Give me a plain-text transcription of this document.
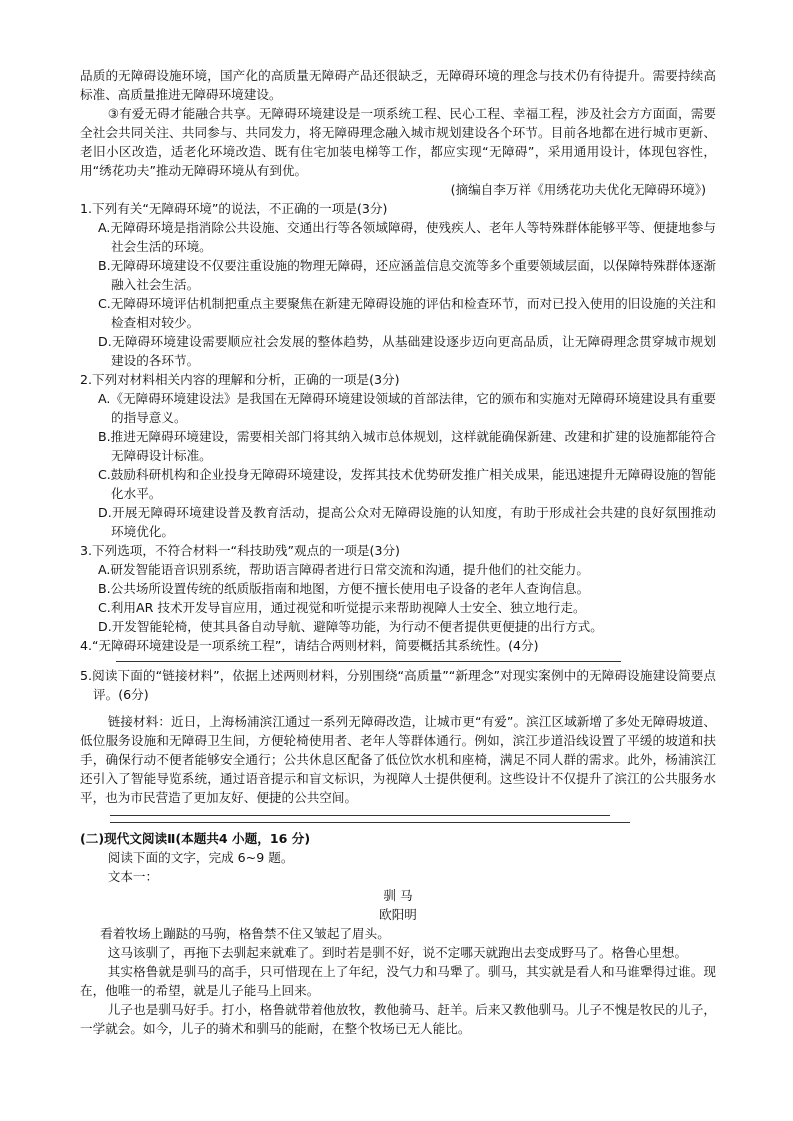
品质的无障碍设施环境，国产化的高质量无障碍产品还很缺乏，无障碍环境的理念与技术仍有待提升。需要持续高标准、高质量推进无障碍环境建设。

③有爱无碍才能融合共享。无障碍环境建设是一项系统工程、民心工程、幸福工程，涉及社会方方面面，需要全社会共同关注、共同参与、共同发力，将无障碍理念融入城市规划建设各个环节。目前各地都在进行城市更新、老旧小区改造，适老化环境改造、既有住宅加装电梯等工作，都应实现“无障碍”，采用通用设计，体现包容性，用“绣花功夫”推动无障碍环境从有到优。

(摘编自李万祥《用绣花功夫优化无障碍环境》)

1.下列有关“无障碍环境”的说法，不正确的一项是(3分)

A.无障碍环境是指消除公共设施、交通出行等各领域障碍，使残疾人、老年人等特殊群体能够平等、便捷地参与社会生活的环境。

B.无障碍环境建设不仅要注重设施的物理无障碍，还应涵盖信息交流等多个重要领域层面，以保障特殊群体逐渐融入社会生活。

C.无障碍环境评估机制把重点主要聚焦在新建无障碍设施的评估和检查环节，而对已投入使用的旧设施的关注和检查相对较少。

D.无障碍环境建设需要顺应社会发展的整体趋势，从基础建设逐步迈向更高品质，让无障碍理念贯穿城市规划建设的各环节。

2.下列对材料相关内容的理解和分析，正确的一项是(3分)

A.《无障碍环境建设法》是我国在无障碍环境建设领域的首部法律，它的颁布和实施对无障碍环境建设具有重要的指导意义。

B.推进无障碍环境建设，需要相关部门将其纳入城市总体规划，这样就能确保新建、改建和扩建的设施都能符合无障碍设计标准。

C.鼓励科研机构和企业投身无障碍环境建设，发挥其技术优势研发推广相关成果，能迅速提升无障碍设施的智能化水平。

D.开展无障碍环境建设普及教育活动，提高公众对无障碍设施的认知度，有助于形成社会共建的良好氛围推动环境优化。

3.下列选项，不符合材料一“科技助残”观点的一项是(3分)

A.研发智能语音识别系统，帮助语言障碍者进行日常交流和沟通，提升他们的社交能力。

B.公共场所设置传统的纸质版指南和地图，方便不擅长使用电子设备的老年人查询信息。

C.利用AR 技术开发导盲应用，通过视觉和听觉提示来帮助视障人士安全、独立地行走。

D.开发智能轮椅，使其具备自动导航、避障等功能，为行动不便者提供更便捷的出行方式。

4.“无障碍环境建设是一项系统工程”，请结合两则材料，简要概括其系统性。(4分)

5.阅读下面的“链接材料”，依据上述两则材料，分别围绕“高质量”“新理念”对现实案例中的无障碍设施建设简要点评。(6分)

链接材料：近日，上海杨浦滨江通过一系列无障碍改造，让城市更“有爱”。滨江区域新增了多处无障碍坡道、低位服务设施和无障碍卫生间，方便轮椅使用者、老年人等群体通行。例如，滨江步道沿线设置了平缓的坡道和扶手，确保行动不便者能够安全通行；公共休息区配备了低位饮水机和座椅，满足不同人群的需求。此外，杨浦滨江还引入了智能导览系统，通过语音提示和盲文标识，为视障人士提供便利。这些设计不仅提升了滨江的公共服务水平，也为市民营造了更加友好、便捷的公共空间。

(二)现代文阅读Ⅱ(本题共4 小题，16 分)

阅读下面的文字，完成 6~9 题。

文本一：

驯 马

欧阳明

看着牧场上蹦跶的马驹，格鲁禁不住又皱起了眉头。

这马该驯了，再拖下去驯起来就难了。到时若是驯不好，说不定哪天就跑出去变成野马了。格鲁心里想。

其实格鲁就是驯马的高手，只可惜现在上了年纪，没气力和马犟了。驯马，其实就是看人和马谁犟得过谁。现在，他唯一的希望，就是儿子能马上回来。

儿子也是驯马好手。打小，格鲁就带着他放牧，教他骑马、赶羊。后来又教他驯马。儿子不愧是牧民的儿子，一学就会。如今，儿子的骑术和驯马的能耐，在整个牧场已无人能比。
